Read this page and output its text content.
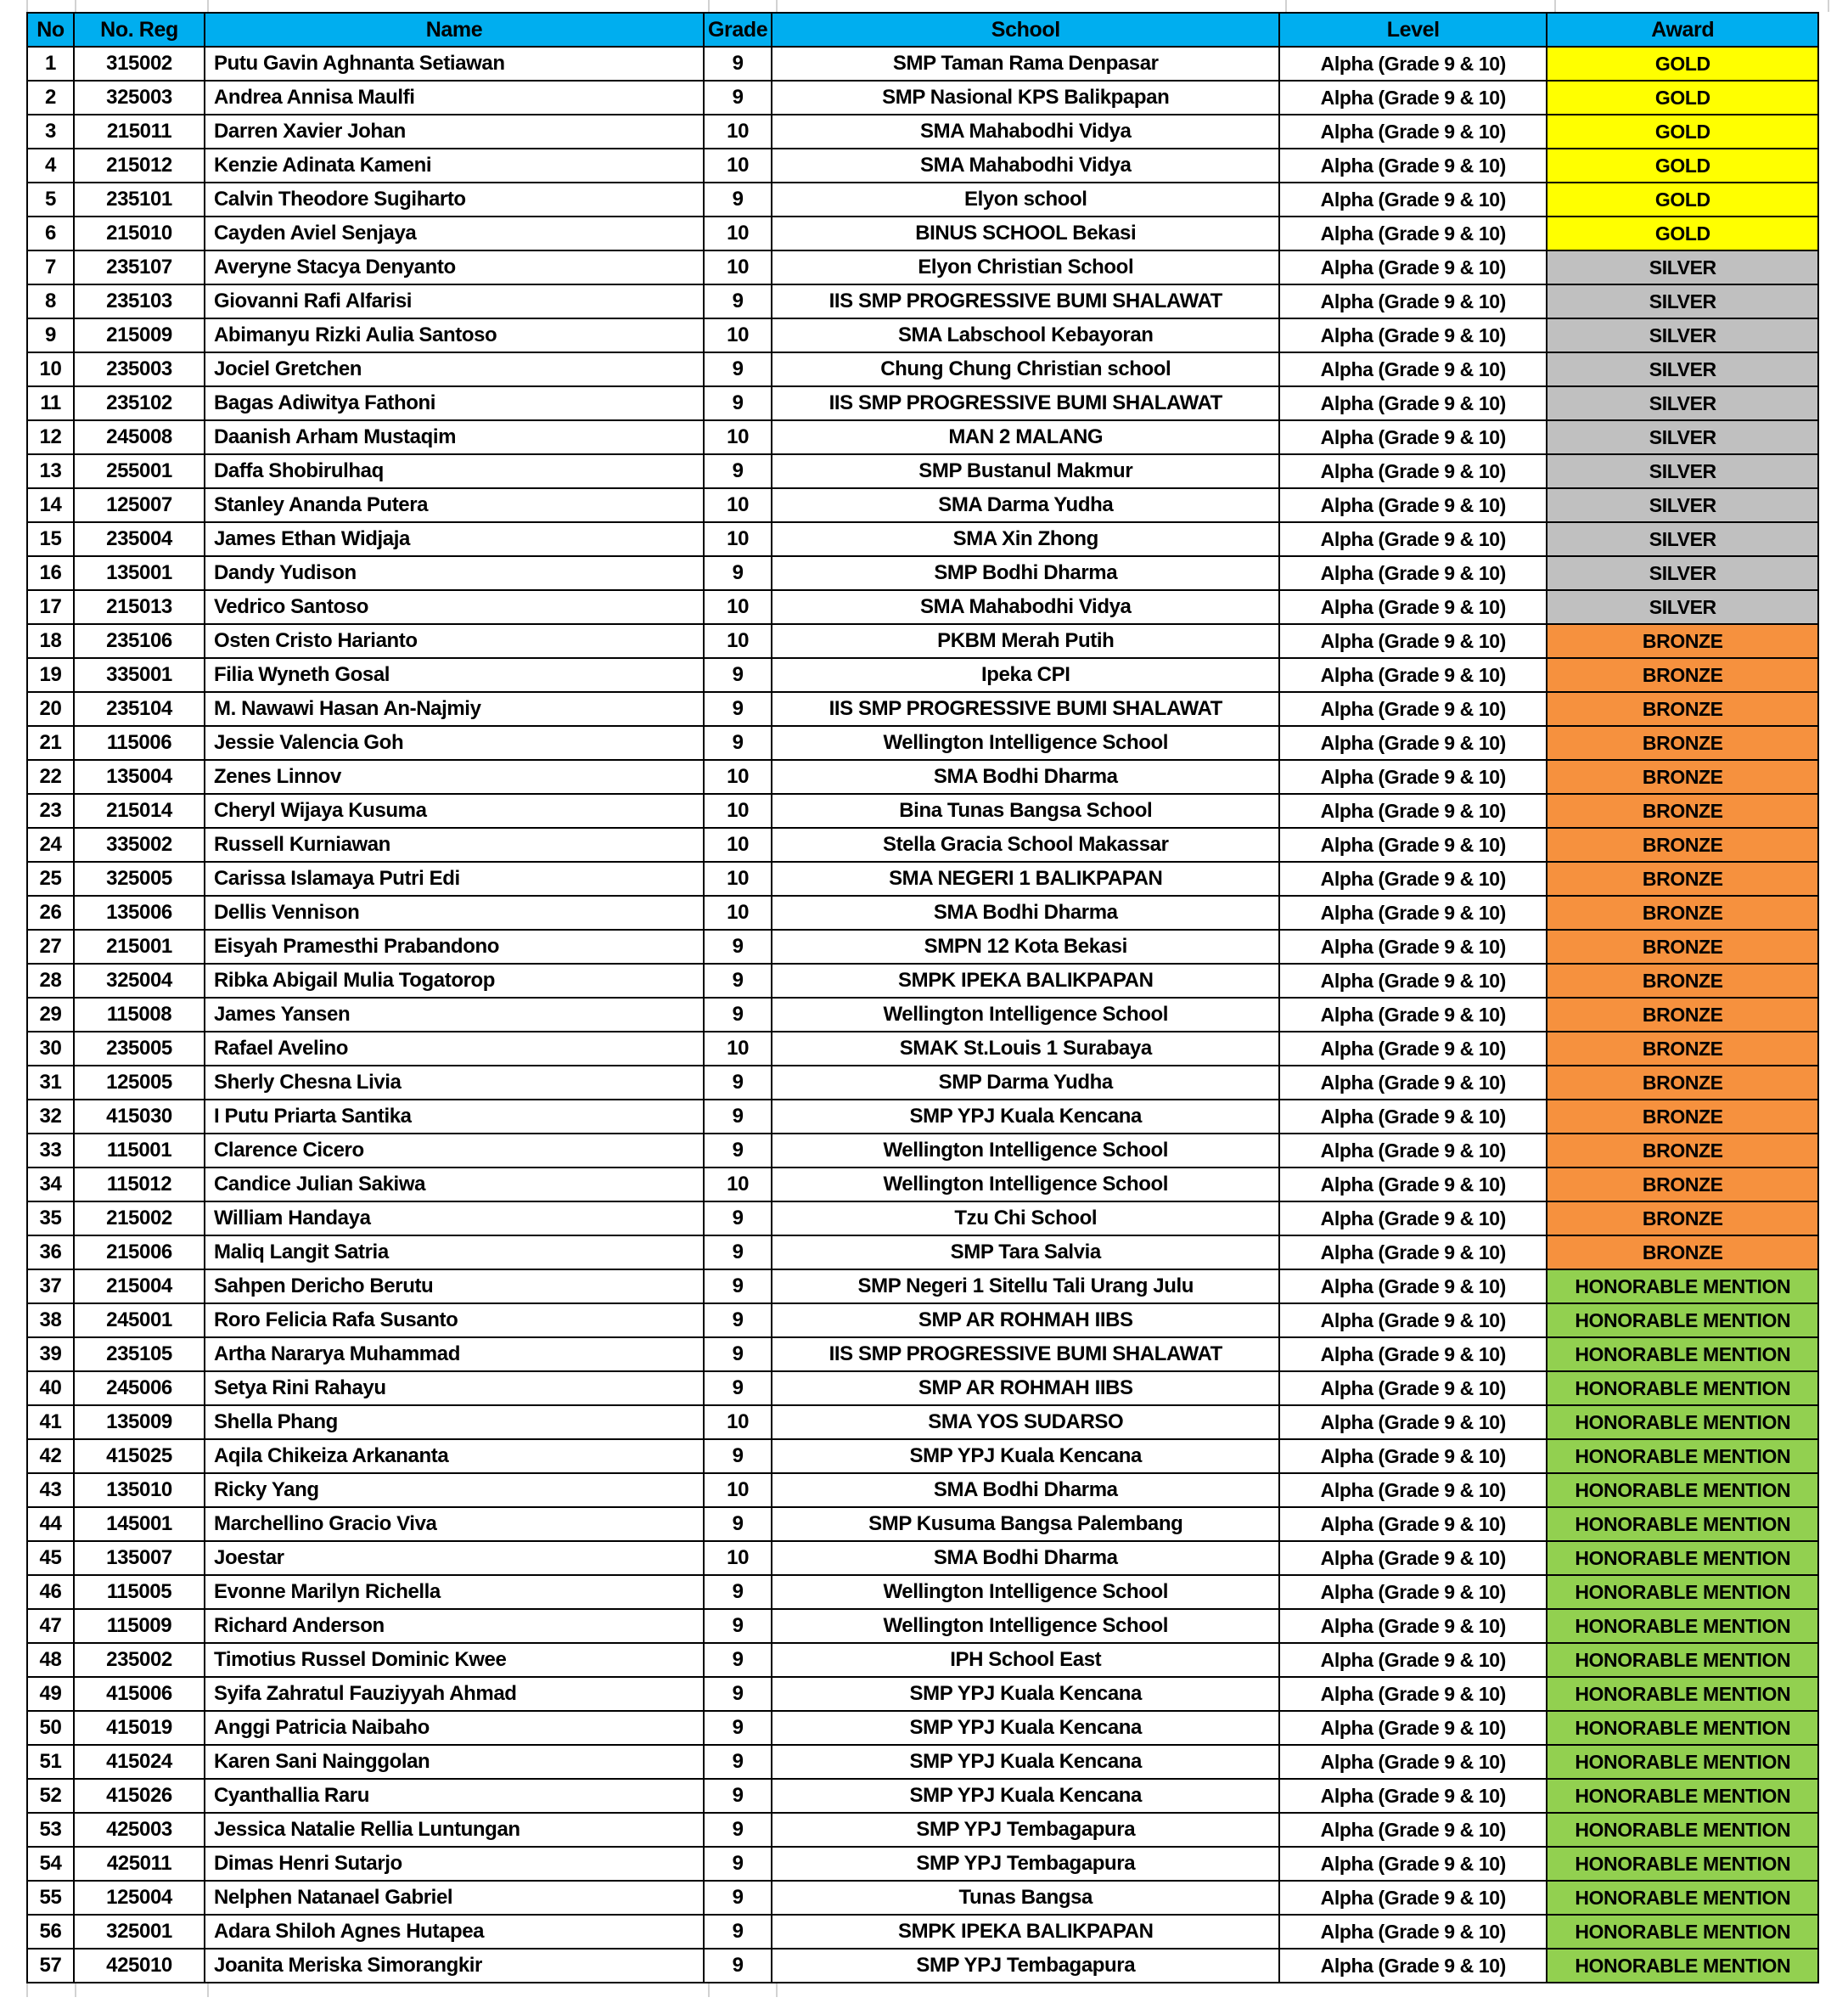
No	No. Reg	Name	Grade	School	Level	Award
1	315002	Putu Gavin Aghnanta Setiawan	9	SMP Taman Rama Denpasar	Alpha (Grade 9 & 10)	GOLD
2	325003	Andrea Annisa Maulfi	9	SMP Nasional KPS Balikpapan	Alpha (Grade 9 & 10)	GOLD
3	215011	Darren Xavier Johan	10	SMA Mahabodhi Vidya	Alpha (Grade 9 & 10)	GOLD
4	215012	Kenzie Adinata Kameni	10	SMA Mahabodhi Vidya	Alpha (Grade 9 & 10)	GOLD
5	235101	Calvin Theodore Sugiharto	9	Elyon school	Alpha (Grade 9 & 10)	GOLD
6	215010	Cayden Aviel Senjaya	10	BINUS SCHOOL Bekasi	Alpha (Grade 9 & 10)	GOLD
7	235107	Averyne Stacya Denyanto	10	Elyon Christian School	Alpha (Grade 9 & 10)	SILVER
8	235103	Giovanni Rafi Alfarisi	9	IIS SMP PROGRESSIVE BUMI SHALAWAT	Alpha (Grade 9 & 10)	SILVER
9	215009	Abimanyu Rizki Aulia Santoso	10	SMA Labschool Kebayoran	Alpha (Grade 9 & 10)	SILVER
10	235003	Jociel Gretchen	9	Chung Chung Christian school	Alpha (Grade 9 & 10)	SILVER
11	235102	Bagas Adiwitya Fathoni	9	IIS SMP PROGRESSIVE BUMI SHALAWAT	Alpha (Grade 9 & 10)	SILVER
12	245008	Daanish Arham Mustaqim	10	MAN 2 MALANG	Alpha (Grade 9 & 10)	SILVER
13	255001	Daffa Shobirulhaq	9	SMP Bustanul Makmur	Alpha (Grade 9 & 10)	SILVER
14	125007	Stanley Ananda Putera	10	SMA Darma Yudha	Alpha (Grade 9 & 10)	SILVER
15	235004	James Ethan Widjaja	10	SMA Xin Zhong	Alpha (Grade 9 & 10)	SILVER
16	135001	Dandy Yudison	9	SMP Bodhi Dharma	Alpha (Grade 9 & 10)	SILVER
17	215013	Vedrico Santoso	10	SMA Mahabodhi Vidya	Alpha (Grade 9 & 10)	SILVER
18	235106	Osten Cristo Harianto	10	PKBM Merah Putih	Alpha (Grade 9 & 10)	BRONZE
19	335001	Filia Wyneth Gosal	9	Ipeka CPI	Alpha (Grade 9 & 10)	BRONZE
20	235104	M. Nawawi Hasan An-Najmiy	9	IIS SMP PROGRESSIVE BUMI SHALAWAT	Alpha (Grade 9 & 10)	BRONZE
21	115006	Jessie Valencia Goh	9	Wellington Intelligence School	Alpha (Grade 9 & 10)	BRONZE
22	135004	Zenes Linnov	10	SMA Bodhi Dharma	Alpha (Grade 9 & 10)	BRONZE
23	215014	Cheryl Wijaya Kusuma	10	Bina Tunas Bangsa School	Alpha (Grade 9 & 10)	BRONZE
24	335002	Russell Kurniawan	10	Stella Gracia School Makassar	Alpha (Grade 9 & 10)	BRONZE
25	325005	Carissa Islamaya Putri Edi	10	SMA NEGERI 1 BALIKPAPAN	Alpha (Grade 9 & 10)	BRONZE
26	135006	Dellis Vennison	10	SMA Bodhi Dharma	Alpha (Grade 9 & 10)	BRONZE
27	215001	Eisyah Pramesthi Prabandono	9	SMPN 12 Kota Bekasi	Alpha (Grade 9 & 10)	BRONZE
28	325004	Ribka Abigail Mulia Togatorop	9	SMPK IPEKA BALIKPAPAN	Alpha (Grade 9 & 10)	BRONZE
29	115008	James Yansen	9	Wellington Intelligence School	Alpha (Grade 9 & 10)	BRONZE
30	235005	Rafael Avelino	10	SMAK St.Louis 1 Surabaya	Alpha (Grade 9 & 10)	BRONZE
31	125005	Sherly Chesna Livia	9	SMP Darma Yudha	Alpha (Grade 9 & 10)	BRONZE
32	415030	I Putu Priarta Santika	9	SMP YPJ Kuala Kencana	Alpha (Grade 9 & 10)	BRONZE
33	115001	Clarence Cicero	9	Wellington Intelligence School	Alpha (Grade 9 & 10)	BRONZE
34	115012	Candice Julian Sakiwa	10	Wellington Intelligence School	Alpha (Grade 9 & 10)	BRONZE
35	215002	William Handaya	9	Tzu Chi School	Alpha (Grade 9 & 10)	BRONZE
36	215006	Maliq Langit Satria	9	SMP Tara Salvia	Alpha (Grade 9 & 10)	BRONZE
37	215004	Sahpen Dericho Berutu	9	SMP Negeri 1 Sitellu Tali Urang Julu	Alpha (Grade 9 & 10)	HONORABLE MENTION
38	245001	Roro Felicia Rafa Susanto	9	SMP AR ROHMAH IIBS	Alpha (Grade 9 & 10)	HONORABLE MENTION
39	235105	Artha Nararya Muhammad	9	IIS SMP PROGRESSIVE BUMI SHALAWAT	Alpha (Grade 9 & 10)	HONORABLE MENTION
40	245006	Setya Rini Rahayu	9	SMP AR ROHMAH IIBS	Alpha (Grade 9 & 10)	HONORABLE MENTION
41	135009	Shella Phang	10	SMA YOS SUDARSO	Alpha (Grade 9 & 10)	HONORABLE MENTION
42	415025	Aqila Chikeiza Arkananta	9	SMP YPJ Kuala Kencana	Alpha (Grade 9 & 10)	HONORABLE MENTION
43	135010	Ricky Yang	10	SMA Bodhi Dharma	Alpha (Grade 9 & 10)	HONORABLE MENTION
44	145001	Marchellino Gracio Viva	9	SMP Kusuma Bangsa Palembang	Alpha (Grade 9 & 10)	HONORABLE MENTION
45	135007	Joestar	10	SMA Bodhi Dharma	Alpha (Grade 9 & 10)	HONORABLE MENTION
46	115005	Evonne Marilyn Richella	9	Wellington Intelligence School	Alpha (Grade 9 & 10)	HONORABLE MENTION
47	115009	Richard Anderson	9	Wellington Intelligence School	Alpha (Grade 9 & 10)	HONORABLE MENTION
48	235002	Timotius Russel Dominic Kwee	9	IPH School East	Alpha (Grade 9 & 10)	HONORABLE MENTION
49	415006	Syifa Zahratul Fauziyyah Ahmad	9	SMP YPJ Kuala Kencana	Alpha (Grade 9 & 10)	HONORABLE MENTION
50	415019	Anggi Patricia Naibaho	9	SMP YPJ Kuala Kencana	Alpha (Grade 9 & 10)	HONORABLE MENTION
51	415024	Karen Sani Nainggolan	9	SMP YPJ Kuala Kencana	Alpha (Grade 9 & 10)	HONORABLE MENTION
52	415026	Cyanthallia Raru	9	SMP YPJ Kuala Kencana	Alpha (Grade 9 & 10)	HONORABLE MENTION
53	425003	Jessica Natalie Rellia Luntungan	9	SMP YPJ Tembagapura	Alpha (Grade 9 & 10)	HONORABLE MENTION
54	425011	Dimas Henri Sutarjo	9	SMP YPJ Tembagapura	Alpha (Grade 9 & 10)	HONORABLE MENTION
55	125004	Nelphen Natanael Gabriel	9	Tunas Bangsa	Alpha (Grade 9 & 10)	HONORABLE MENTION
56	325001	Adara Shiloh Agnes Hutapea	9	SMPK IPEKA BALIKPAPAN	Alpha (Grade 9 & 10)	HONORABLE MENTION
57	425010	Joanita Meriska Simorangkir	9	SMP YPJ Tembagapura	Alpha (Grade 9 & 10)	HONORABLE MENTION
